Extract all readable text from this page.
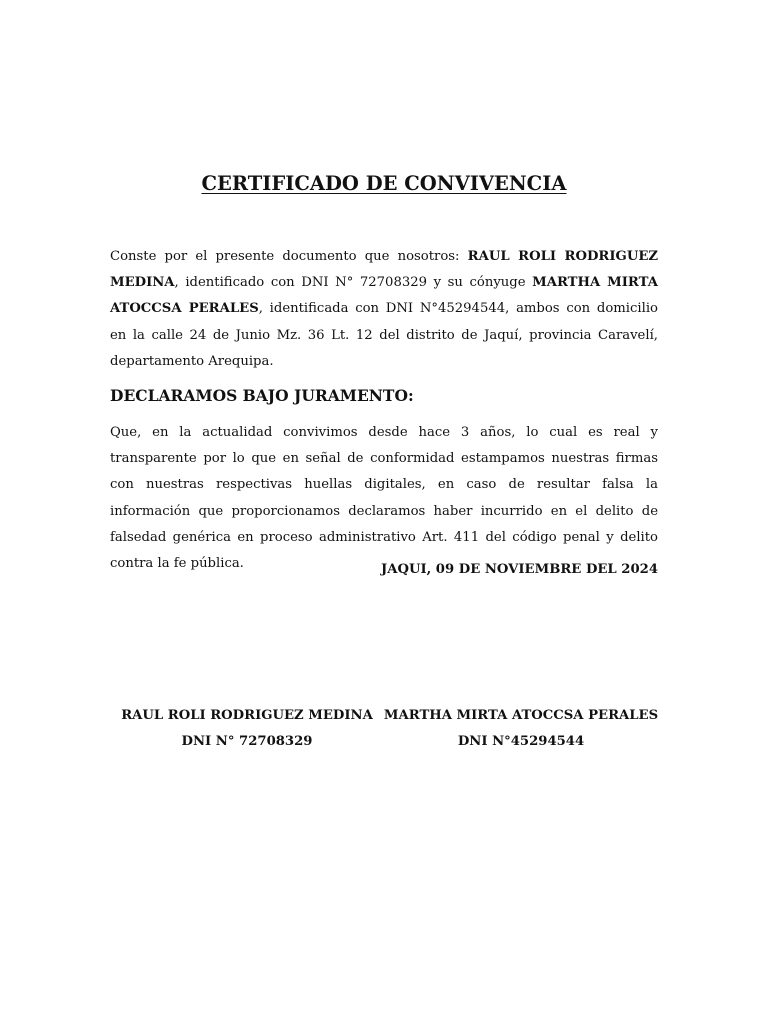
CERTIFICADO DE CONVIVENCIA

Conste por el presente documento que nosotros: RAUL ROLI RODRIGUEZ MEDINA, identificado con DNI N° 72708329 y su cónyuge MARTHA MIRTA ATOCCSA PERALES, identificada con DNI N°45294544, ambos con domicilio en la calle 24 de Junio Mz. 36 Lt. 12 del distrito de Jaquí, provincia Caravelí, departamento Arequipa.

DECLARAMOS BAJO JURAMENTO:

Que, en la actualidad convivimos desde hace 3 años, lo cual es real y transparente por lo que en señal de conformidad estampamos nuestras firmas con nuestras respectivas huellas digitales, en caso de resultar falsa la información que proporcionamos declaramos haber incurrido en el delito de falsedad genérica en proceso administrativo Art. 411 del código penal y delito contra la fe pública.	JAQUI, 09 DE NOVIEMBRE DEL 2024

RAUL ROLI RODRIGUEZ MEDINA
DNI N° 72708329
MARTHA MIRTA ATOCCSA PERALES
DNI N°45294544
